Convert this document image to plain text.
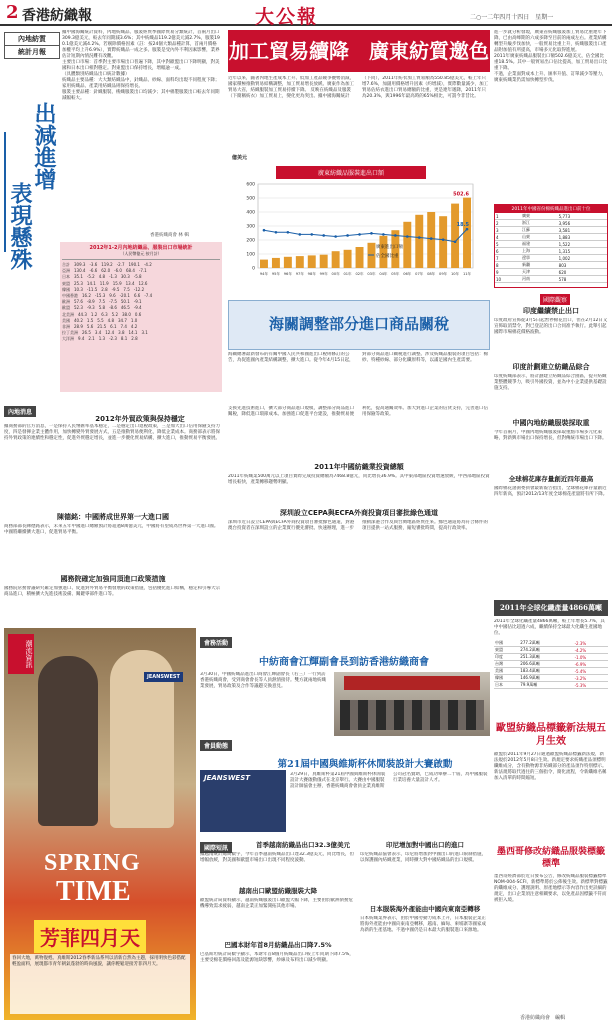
2 香港紡織報	大公報	二○一二年四月十四日　星期一
內地紡質
統計月報
出減進增
表現懸殊
據中國海關統計資料，內地紡織品、服裝經貿季國際貿易分類統計，首兩月出口309.3億美元，較去年同期減3.6%；其中紡織品119.2億美元減2.7%，服裝190.1億美元減4.2%。若剔除價格因素（註：按24個大類品種計算，首兩月價格加權平均上升6.9%），實際紡織品一成之多。服裝是受內外不利因素影響，業界估計短期內情況難有改觀。
主要出口市場：首季對主要市場出口普遍下降，其中對歐盟出口下降明顯，對美國和日本出口相對穩定。對東盟出口保持增長，增幅逾一成。
（具體類別紡織品出口統計數據）
紡織品主要品種：大大類紡織品中，針織品、紗線、面料均出現不同程度下降；家用紡織品、產業用紡織品則保持增長。
服裝主要品種：針織服裝、梭織服裝出口均減少；其中棉製服裝出口較去年同期減幅較大。
香港紡織商會 林 輯
2012年1-2月內地紡織品、服裝出口市場統計
（人民幣億元 按月計）
合計　309.3　-3.6　119.2　-2.7　190.1　-4.2
亞洲　130.4　-6.6　62.0　-6.0　68.4　-7.1
日本　35.1　-5.2　4.8　-1.3　30.3　-5.8
東盟　25.3　14.1　11.9　15.9　13.4　12.6
韓國　10.3　-11.5　2.8　-9.5　7.5　-12.2
中國香港　16.2　-15.3　9.6　-20.1　6.6　-7.4
歐洲　57.6　-8.9　7.5　-7.5　50.1　-9.1
歐盟　52.3　-9.3　5.8　-8.6　46.5　-9.4
北美洲　44.3　1.2　6.3　5.2　38.0　0.6
美國　40.2　1.5　5.5　4.8　34.7　1.0
非洲　28.9　5.6　21.5　6.1　7.4　4.2
拉丁美洲　26.5　3.4　12.4　3.8　14.1　3.1
大洋洲　9.4　2.1　1.3　-2.3　8.1　2.8
加工貿易續降　廣東紡質邀色
近年以來，隨著內地生產成本上升、低加工產品競爭優勢消減，國家積極推動貿易結構調整，加工貿易增長放緩。廣東作為加工貿易大省，紡織服裝加工貿易持續下降。 反映在紡織品及服裝（下簡稱紡衣）加工貿易上，變化更為突出。據中國海關統計（下同），2011年紡衣加工貿易額為550.85億美元，較上年只增7.6%，加副用價格增升因素（約增減），實際數量減少，加工貿易佔紡衣進出口貿易總額的比重，更是連年遞降，2011年只為20.3%，與1996年最高時的65%相比，可謂今非昔比。
廣東紡織品服裝進出口額
億美元
0
100
200
300
400
500
600
94年 95年 96年 97年 98年 99年 00年 01年 02年 03年 04年 05年 06年 07年 08年 09年 10年 11年
502.6
18.5
廣東進出口額
佔全國比重
海關調整部分進口商品關稅
海關總署最新發布的有關中國人民共和國進出口稅則修訂的公告，為促進國內產業結構調整，擴大進口。從今年4月15日起，對部分商品進口關稅進行調整。涉及紡織品服裝的項目包括：棉紗、特種紗線、部分化纖原料等，以滿足國內生產需要。
進一步就分析發現，廣東省紡織服裝加工貿易比重連年下降，已由高峰期的六成多降至目前的兩成左右。產業結構轉型升級步伐加快，一般貿易比重上升，紡織服裝出口產品附加值有所提高，市場多元化取得進展。
2011年廣東紡織品服裝出口額502.6億美元，佔全國比重18.5%。其中一般貿易出口佔比提高，加工貿易出口比重下降。
不過，企業面對成本上升、匯率升值、訂單減少等壓力，廣東紡織業仍需加快轉型步伐。
2011年中國省份棉紡織品進出口前十位
1	廣東	5,773
2	浙江	3,956
3	江蘇	3,581
4	山東	1,883
5	福建	1,522
6	上海	1,315
7	遼寧	1,002
8	新疆	803
9	天津	620
10	河南	578
國際觀察
印度繼續禁止出口
印度政府宣佈從3月5日起暫停棉花出口，但在2月12日又宣佈取消禁令，對已登記的出口合同准予執行。此舉引起國際市場棉花價格波動。
印度計劃建立紡織品綜合
印度紡織部表示，將計劃建立紡織品綜合園區，提升紡織業整體競爭力，吸引外國投資，並為中小企業提供基礎設施支持。
中國內地紡織服裝採取重
今年首兩月，中國內地紡織服裝採取重點市場多元化策略，對新興市場出口保持增長，但對傳統市場出口下降。
全球棉花庫存量創近四年最高
國際棉花諮詢委員會最新報告指出，全球棉花庫存量創近四年新高，預計2012/13年度全球棉花產量將有所下降。
2011年全球化纖產量4866萬噸
2011年全球化纖產量4866萬噸，較上年增長5.7%，其中中國佔比超過六成，繼續保持全球最大化纖生產國地位。
中國	277.2萬噸	-2.3%
東盟	274.2萬噸	-4.2%
印度	251.3萬噸	-1.0%
台灣	206.6萬噸	-6.9%
美國	183.4萬噸	-5.4%
韓國	146.9萬噸	-3.2%
日本	79.9萬噸	-5.3%
歐盟紡織品標籤新法規五月生效
歐盟於2011年9月27日通過歐盟紡織品標籤新法規，新法規於2012年5月8日生效。新規定要求紡織產品須標明纖維成分，含有動物源非紡織部分的產品須作特別標示。新法規將取代過往的三個指令，簡化流程，令新纖維名稱加入清單的時間縮短。
墨西哥修改紡織品服裝標籤標準
墨西哥經濟部於近日發布公告，修改紡織品服裝標籤標準NOM-004-SCFI，新標準將於公佈後生效。新標準對標籤的纖維成分、護理說明、原產地標示等內容作出更詳細的規定，出口企業須注意相關要求，以免產品因標籤不符而被拒入境。
內地消息
2012年外貿政策與保持穩定
據商務部的官方消息，一是保持人民幣匯率基本穩定，二是穩定出口退稅政策，三是加大出口信用保險支持力度，四是發揮企業主體作用，加快轉變外貿發展方式，五是推動貿易便利化，降低企業成本。商務部表示將保持外貿政策的連續性和穩定性，促進外貿穩定增長，並進一步優化貿易結構，擴大進口，推動貿易平衡發展。
陳德銘：中國將成世界第一大進口國
商務部部長陳德銘表示，未來五年中國進口總額預計將超過8萬億美元，中國將有望成為世界第一大進口國。中國將繼續擴大進口，促進貿易平衡。
國務院確定加強同頂進口政策措施
國務院常務會議研究確定加強進口、促進對外貿易平衡發展的政策措施，包括優化進口結構，穩定和引導大宗商品進口，積極擴大先進技術設備、關鍵零部件進口等。
支援先進技術進口，擴大部分商品進口規模，調整部分商品進口關稅，降低進口環節成本。加強進口促進平台建設，推動貿易便利化，提高通關效率。加大對進口企業的信貸支持，完善進口信用保險等政策。
2011年中國紡織業投資總額
2011年紡織業500萬元以上項目實際完成投資總額為7468.8億元，同比增長36.9%。其中東部地區投資增速放緩，中西部地區投資增長較快，產業轉移趨勢明顯。
深圳設立CEPA與ECFA外商投資項目審批綠色通道
深圳市近日設立CEPA與ECFA外商投資項目審批綠色通道，對港澳台投資者在深圳設立的企業實行優先審批、快速辦理，進一步推動深港合作及與台灣地區經貿往來。綠色通道將為符合條件的項目提供一站式服務，縮短審批時間，提高行政效率。
會務活動
中紡商會江輝副會長到訪香港紡織商會
3月30日，中國紡織品進出口商會江輝副會長（右三）一行到訪香港紡織商會，受到商會會長等人員熱情接待。雙方就兩地紡織業發展，貿易政策及合作等議題交換意見。
會員動態
第21屆中國與維斯杯休閒裝設計大賽啟動
JEANSWEST	3月29日，真維斯杯第21屆中國與維斯杯休閒裝設計大賽啟動儀式在北京舉行。大賽由中國服裝設計師協會主辦，香港紡織商會會員企業真維斯公司冠名贊助，已成功舉辦二十屆，為中國服裝行業培養大量設計人才。
國際短訊	首季越南紡織品出口32.3億美元
據越南統計總局數字，今年首季越南紡織品出口達32.3億美元，同比增長，但增幅放緩，對美國和歐盟市場出口出現不同程度波動。
越南出口歐盟紡織服裝大降
歐盟統計局資料顯示，越南紡織服裝出口歐盟大幅下降，主要由於歐洲債務危機導致需求疲弱，越南企業正加緊開拓其他市場。
巴國本財年首8月紡織品出口降7.5%
巴基斯坦統計局數字顯示，本財年首8個月紡織品出口較上年同期下降7.5%，主要受棉花價格回落及能源短缺影響，紗線及布料出口減少明顯。
印尼增加對中國出口的進口
印尼紡織品協會表示，印尼將增加對中國出口的進口限制措施，以保護國內紡織產業，同時擴大對中國紡織品的出口規模。
日本服裝海外產能由中國向東南亞轉移
日本紡織業界表示，由於中國勞動力成本上升，日本服裝企業正將海外產能由中國向東南亞轉移，越南、緬甸、柬埔寨等國家成為新的生產基地。不過中國仍是日本最大的服裝進口來源地。
潮流資訊
JEANSWEST
SPRING
TIME
芳菲四月天
春回大地，萬物復甦。真維斯2012春季新品系列以清新自然為主題，採用明快色彩搭配輕盈面料，展現都市青年朝氣蓬勃的時尚風貌，讓你輕鬆迎接芳菲四月天。
香港紡織商會　編輯
